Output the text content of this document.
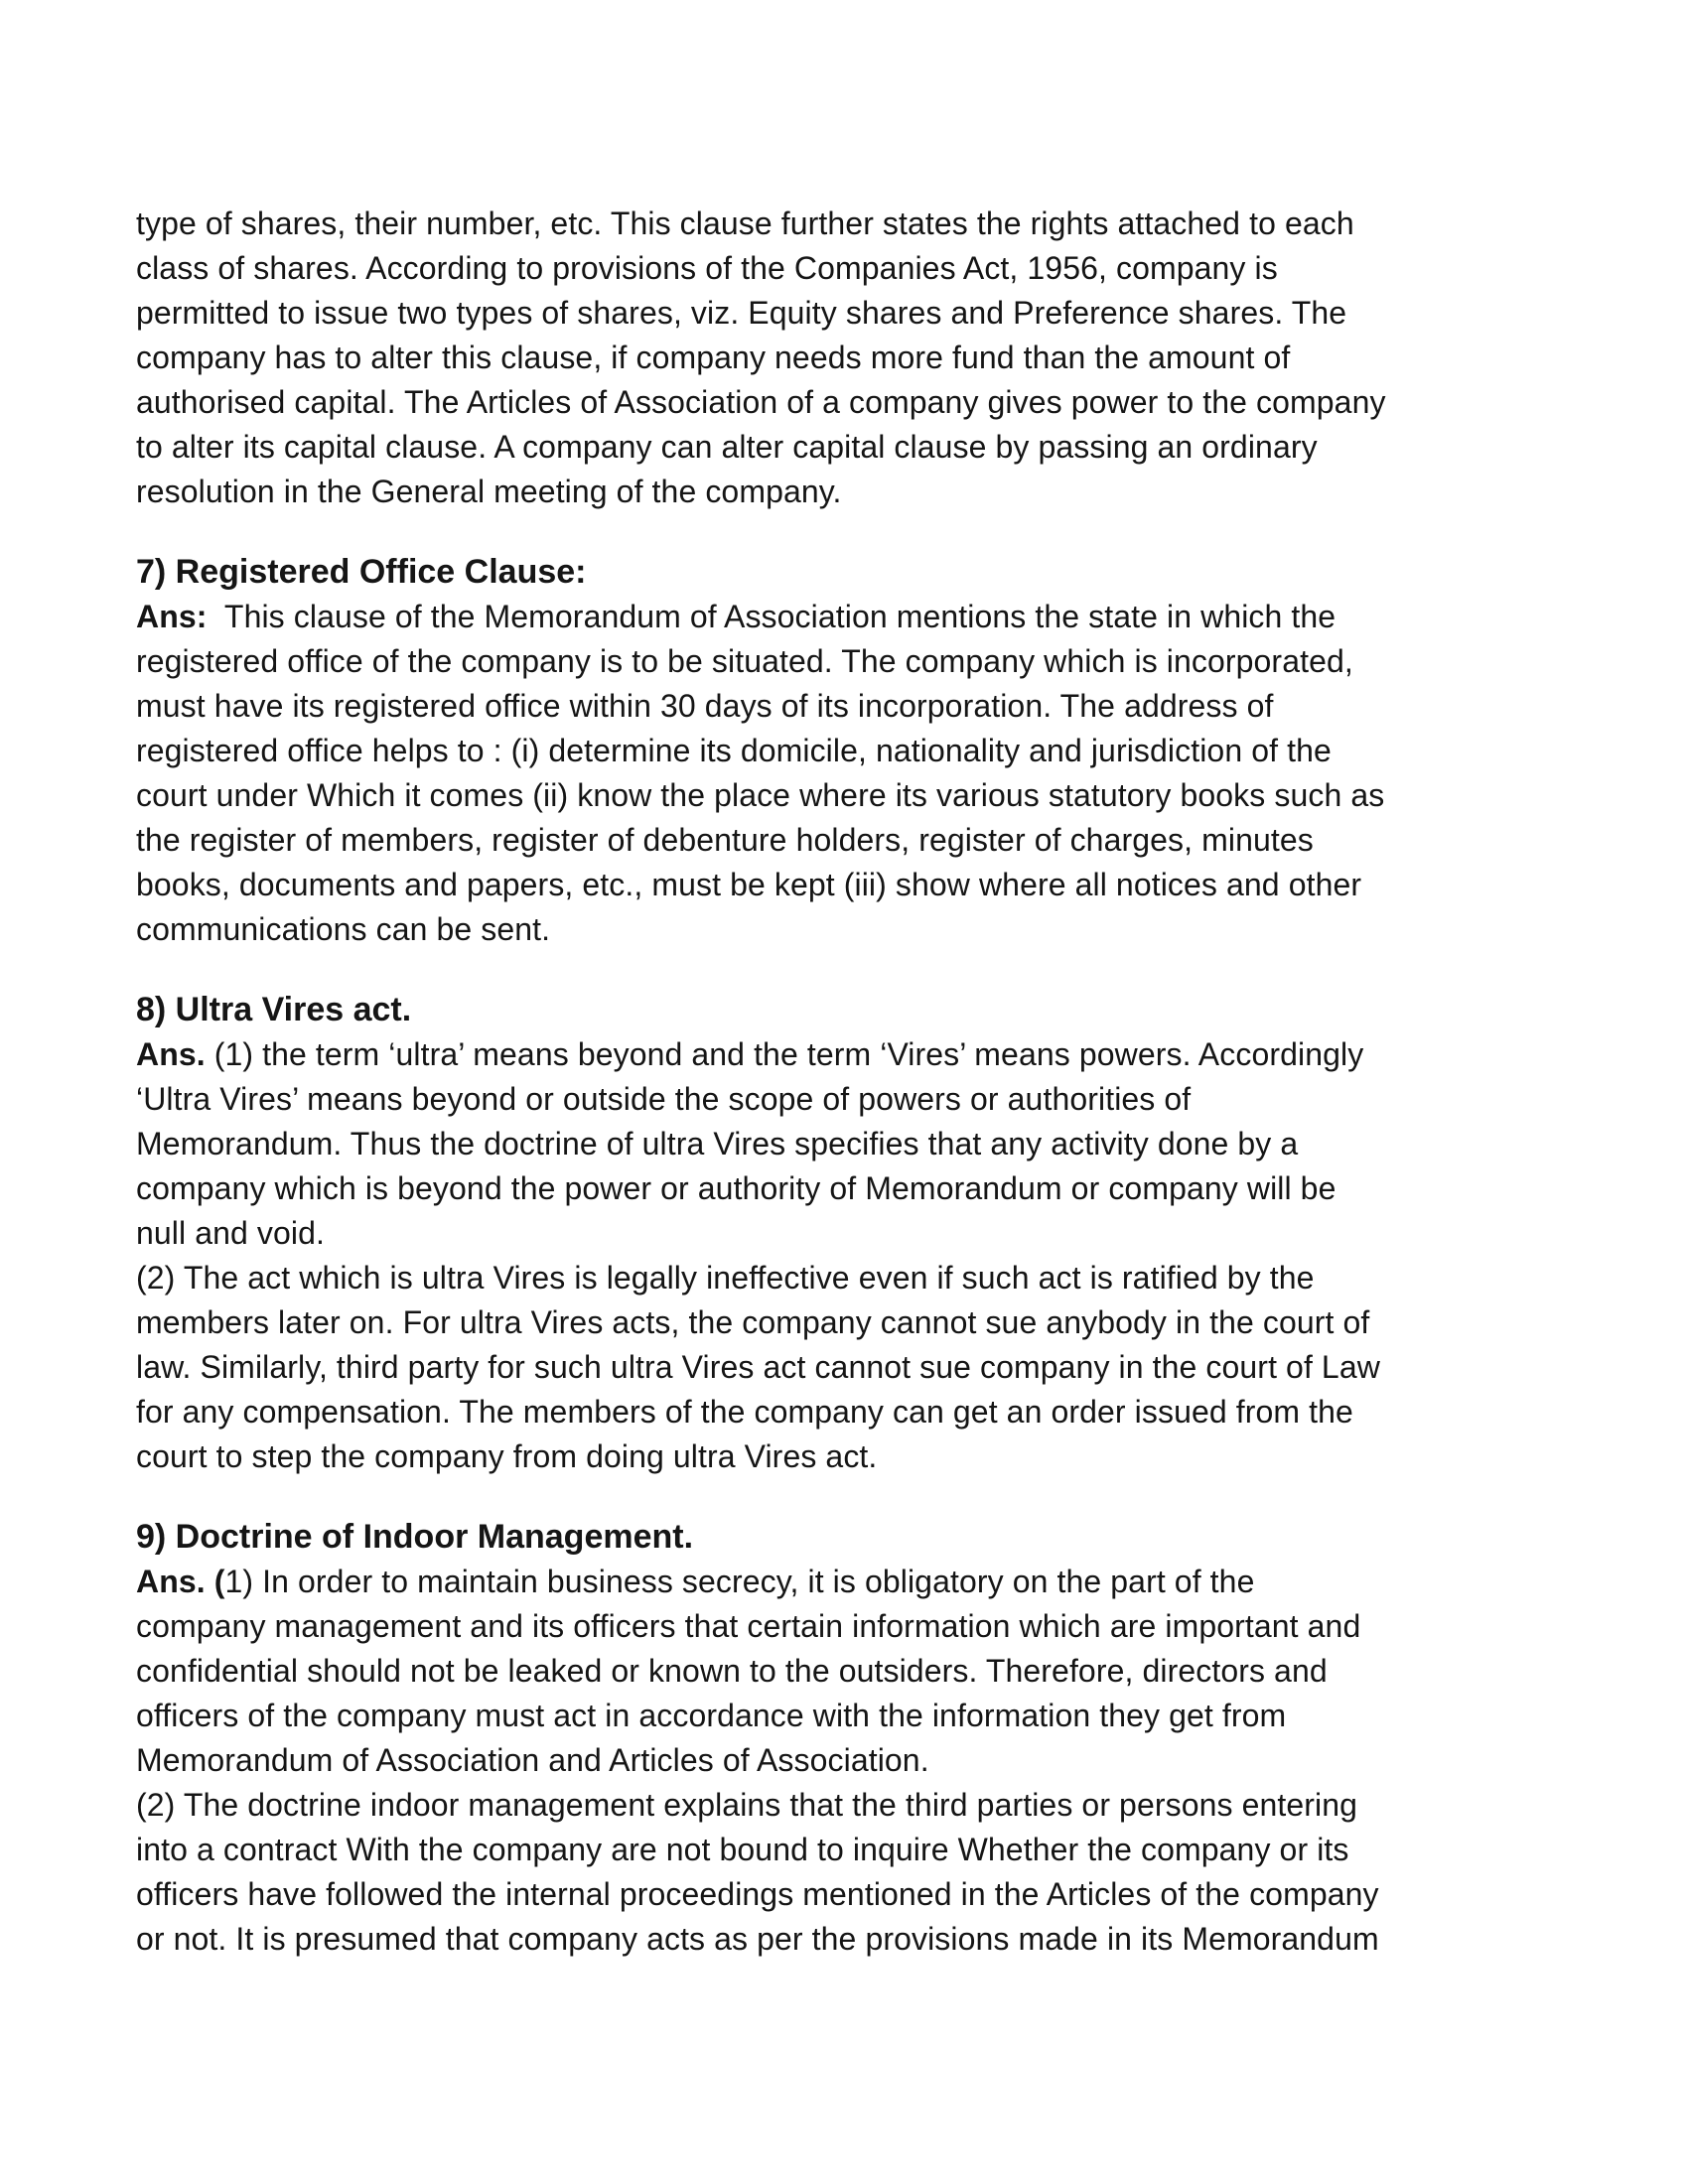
type of shares, their number, etc. This clause further states the rights attached to each
class of shares. According to provisions of the Companies Act, 1956, company is
permitted to issue two types of shares, viz. Equity shares and Preference shares. The
company has to alter this clause, if company needs more fund than the amount of
authorised capital. The Articles of Association of a company gives power to the company
to alter its capital clause. A company can alter capital clause by passing an ordinary
resolution in the General meeting of the company.
7) Registered Office Clause:
Ans:  This clause of the Memorandum of Association mentions the state in which the
registered office of the company is to be situated. The company which is incorporated,
must have its registered office within 30 days of its incorporation. The address of
registered office helps to : (i) determine its domicile, nationality and jurisdiction of the
court under Which it comes (ii) know the place where its various statutory books such as
the register of members, register of debenture holders, register of charges, minutes
books, documents and papers, etc., must be kept (iii) show where all notices and other
communications can be sent.
8) Ultra Vires act.
Ans. (1) the term ‘ultra’ means beyond and the term ‘Vires’ means powers. Accordingly
‘Ultra Vires’ means beyond or outside the scope of powers or authorities of
Memorandum. Thus the doctrine of ultra Vires specifies that any activity done by a
company which is beyond the power or authority of Memorandum or company will be
null and void.
(2) The act which is ultra Vires is legally ineffective even if such act is ratified by the
members later on. For ultra Vires acts, the company cannot sue anybody in the court of
law. Similarly, third party for such ultra Vires act cannot sue company in the court of Law
for any compensation. The members of the company can get an order issued from the
court to step the company from doing ultra Vires act.
9) Doctrine of Indoor Management.
Ans. (1) In order to maintain business secrecy, it is obligatory on the part of the
company management and its officers that certain information which are important and
confidential should not be leaked or known to the outsiders. Therefore, directors and
officers of the company must act in accordance with the information they get from
Memorandum of Association and Articles of Association.
(2) The doctrine indoor management explains that the third parties or persons entering
into a contract With the company are not bound to inquire Whether the company or its
officers have followed the internal proceedings mentioned in the Articles of the company
or not. It is presumed that company acts as per the provisions made in its Memorandum
